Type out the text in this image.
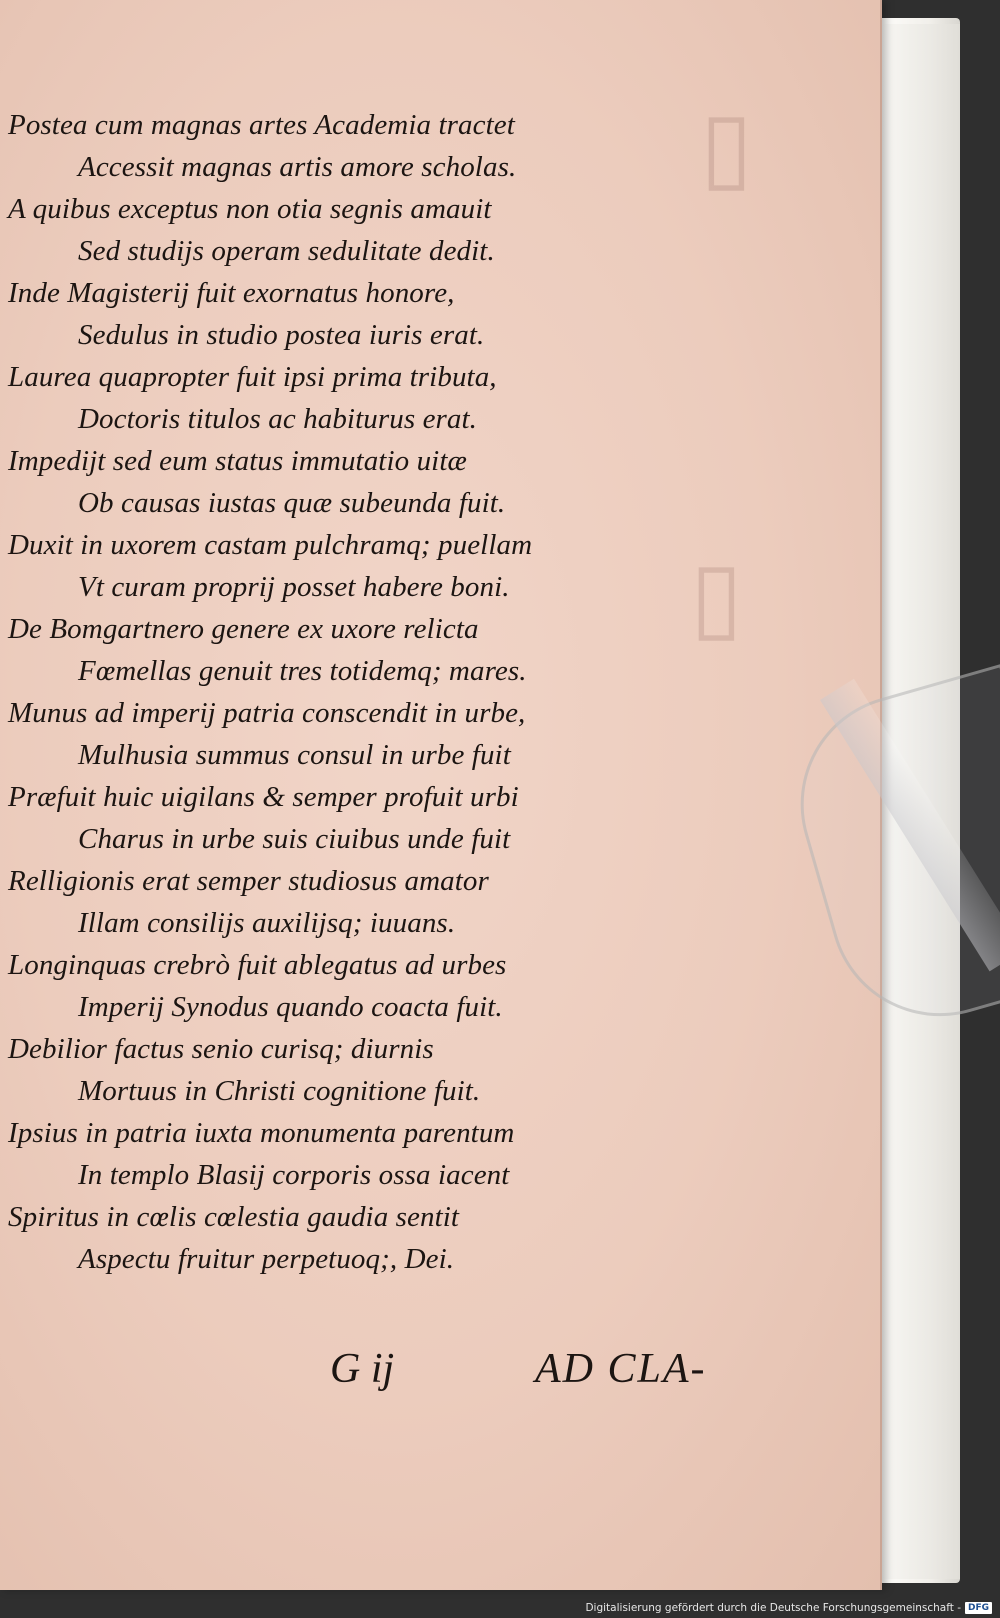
▯
▯
Postea cum magnas artes Academia tractet
Accessit magnas artis amore scholas.
A quibus exceptus non otia segnis amauit
Sed studijs operam sedulitate dedit.
Inde Magisterij fuit exornatus honore,
Sedulus in studio postea iuris erat.
Laurea quapropter fuit ipsi prima tributa,
Doctoris titulos ac habiturus erat.
Impedijt sed eum status immutatio uitæ
Ob causas iustas quæ subeunda fuit.
Duxit in uxorem castam pulchramq; puellam
Vt curam proprij posset habere boni.
De Bomgartnero genere ex uxore relicta
Fœmellas genuit tres totidemq; mares.
Munus ad imperij patria conscendit in urbe,
Mulhusia summus consul in urbe fuit
Præfuit huic uigilans & semper profuit urbi
Charus in urbe suis ciuibus unde fuit
Relligionis erat semper studiosus amator
Illam consilijs auxilijsq; iuuans.
Longinquas crebrò fuit ablegatus ad urbes
Imperij Synodus quando coacta fuit.
Debilior factus senio curisq; diurnis
Mortuus in Christi cognitione fuit.
Ipsius in patria iuxta monumenta parentum
In templo Blasij corporis ossa iacent
Spiritus in cœlis cœlestia gaudia sentit
Aspectu fruitur perpetuoq;, Dei.
G ij	AD CLA-
Digitalisierung gefördert durch die Deutsche Forschungsgemeinschaft - DFG
